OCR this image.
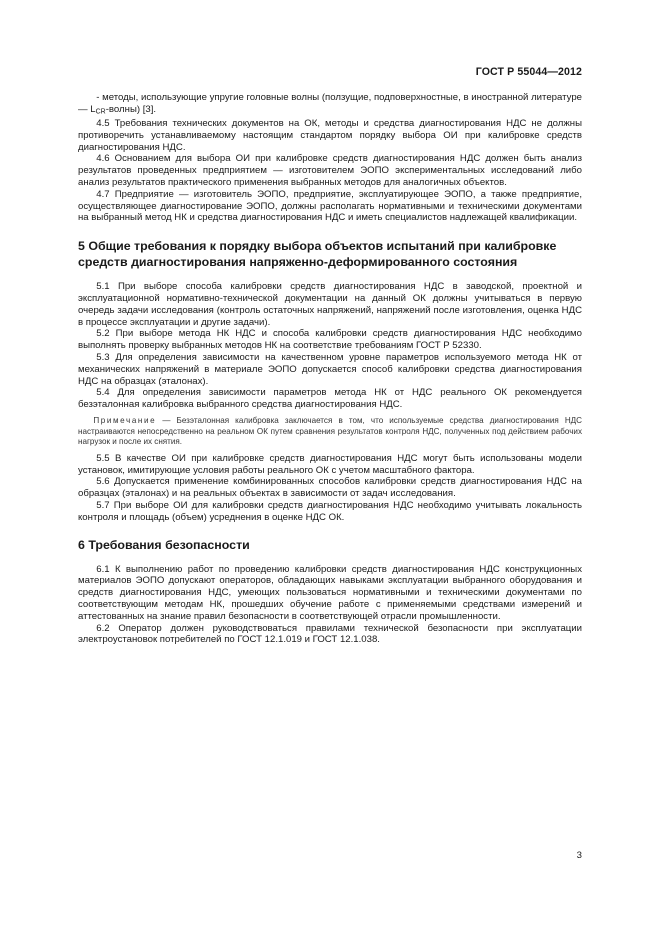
ГОСТ Р 55044—2012

- методы, использующие упругие головные волны (ползущие, подповерхностные, в иностранной литературе — $L_{CR}-волны$) [3].

4.5 Требования технических документов на ОК, методы и средства диагностирования НДС не должны противоречить устанавливаемому настоящим стандартом порядку выбора ОИ при калибровке средств диагностирования НДС.

4.6 Основанием для выбора ОИ при калибровке средств диагностирования НДС должен быть анализ результатов проведенных предприятием — изготовителем ЭОПО экспериментальных исследований либо анализ результатов практического применения выбранных методов для аналогичных объектов.

4.7 Предприятие — изготовитель ЭОПО, предприятие, эксплуатирующее ЭОПО, а также предприятие, осуществляющее диагностирование ЭОПО, должны располагать нормативными и техническими документами на выбранный метод НК и средства диагностирования НДС и иметь специалистов надлежащей квалификации.

5 Общие требования к порядку выбора объектов испытаний при калибровке средств диагностирования напряженно-деформированного состояния

5.1 При выборе способа калибровки средств диагностирования НДС в заводской, проектной и эксплуатационной нормативно-технической документации на данный ОК должны учитываться в первую очередь задачи исследования (контроль остаточных напряжений, напряжений после изготовления, оценка НДС в процессе эксплуатации и другие задачи).

5.2 При выборе метода НК НДС и способа калибровки средств диагностирования НДС необходимо выполнять проверку выбранных методов НК на соответствие требованиям ГОСТ Р 52330.

5.3 Для определения зависимости на качественном уровне параметров используемого метода НК от механических напряжений в материале ЭОПО допускается способ калибровки средства диагностирования НДС на образцах (эталонах).

5.4 Для определения зависимости параметров метода НК от НДС реального ОК рекомендуется безэталонная калибровка выбранного средства диагностирования НДС.

Примечание — Безэталонная калибровка заключается в том, что используемые средства диагностирования НДС настраиваются непосредственно на реальном ОК путем сравнения результатов контроля НДС, полученных под действием рабочих нагрузок и после их снятия.

5.5 В качестве ОИ при калибровке средств диагностирования НДС могут быть использованы модели установок, имитирующие условия работы реального ОК с учетом масштабного фактора.

5.6 Допускается применение комбинированных способов калибровки средств диагностирования НДС на образцах (эталонах) и на реальных объектах в зависимости от задач исследования.

5.7 При выборе ОИ для калибровки средств диагностирования НДС необходимо учитывать локальность контроля и площадь (объем) усреднения в оценке НДС ОК.

6 Требования безопасности

6.1 К выполнению работ по проведению калибровки средств диагностирования НДС конструкционных материалов ЭОПО допускают операторов, обладающих навыками эксплуатации выбранного оборудования и средств диагностирования НДС, умеющих пользоваться нормативными и техническими документами по соответствующим методам НК, прошедших обучение работе с применяемыми средствами измерений и аттестованных на знание правил безопасности в соответствующей отрасли промышленности.

6.2 Оператор должен руководствоваться правилами технической безопасности при эксплуатации электроустановок потребителей по ГОСТ 12.1.019 и ГОСТ 12.1.038.

3
